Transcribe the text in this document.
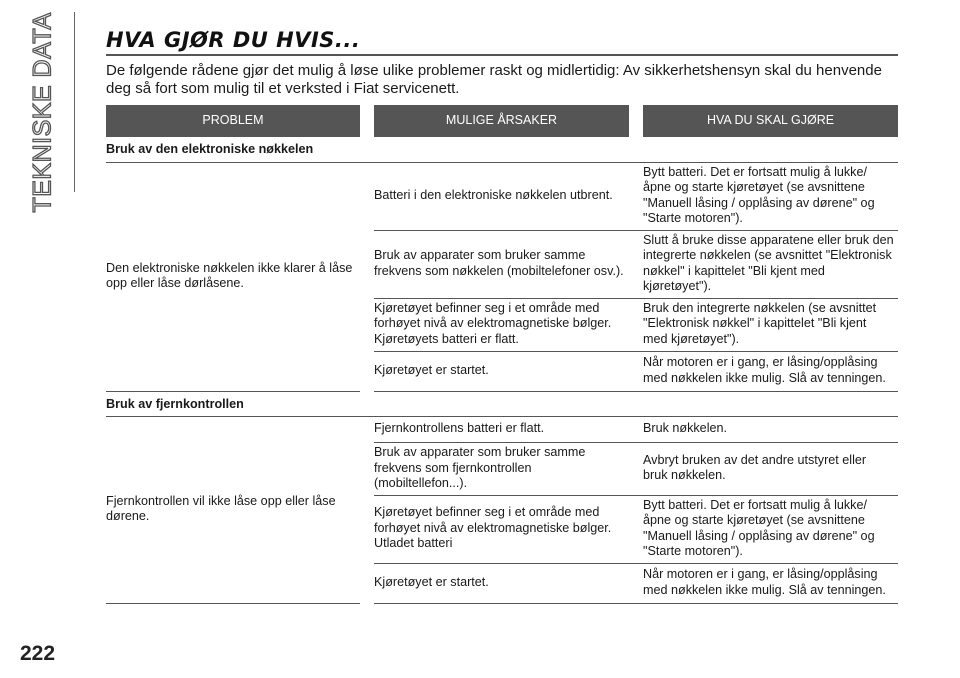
TEKNISKE DATA
222
HVA GJØR DU HVIS...

De følgende rådene gjør det mulig å løse ulike problemer raskt og midlertidig: Av sikkerhetshensyn skal du henvende deg så fort som mulig til et verksted i Fiat servicenett.

PROBLEM		MULIGE ÅRSAKER		HVA DU SKAL GJØRE
Bruk av den elektroniske nøkkelen				
Den elektroniske nøkkelen ikke klarer å låse opp eller låse dørlåsene.		Batteri i den elektroniske nøkkelen utbrent.		Bytt batteri. Det er fortsatt mulig å lukke/åpne og starte kjøretøyet (se avsnittene "Manuell låsing / opplåsing av dørene" og "Starte motoren").
		Bruk av apparater som bruker samme frekvens som nøkkelen (mobiltelefoner osv.).		Slutt å bruke disse apparatene eller bruk den integrerte nøkkelen (se avsnittet "Elektronisk nøkkel" i kapittelet "Bli kjent med kjøretøyet").
		Kjøretøyet befinner seg i et område med forhøyet nivå av elektromagnetiske bølger. Kjøretøyets batteri er flatt.		Bruk den integrerte nøkkelen (se avsnittet "Elektronisk nøkkel" i kapittelet "Bli kjent med kjøretøyet").
		Kjøretøyet er startet.		Når motoren er i gang, er låsing/opplåsing med nøkkelen ikke mulig. Slå av tenningen.
Bruk av fjernkontrollen				
Fjernkontrollen vil ikke låse opp eller låse dørene.		Fjernkontrollens batteri er flatt.		Bruk nøkkelen.
		Bruk av apparater som bruker samme frekvens som fjernkontrollen (mobiltellefon...).		Avbryt bruken av det andre utstyret eller bruk nøkkelen.
		Kjøretøyet befinner seg i et område med forhøyet nivå av elektromagnetiske bølger. Utladet batteri		Bytt batteri. Det er fortsatt mulig å lukke/åpne og starte kjøretøyet (se avsnittene "Manuell låsing / opplåsing av dørene" og "Starte motoren").
		Kjøretøyet er startet.		Når motoren er i gang, er låsing/opplåsing med nøkkelen ikke mulig. Slå av tenningen.
